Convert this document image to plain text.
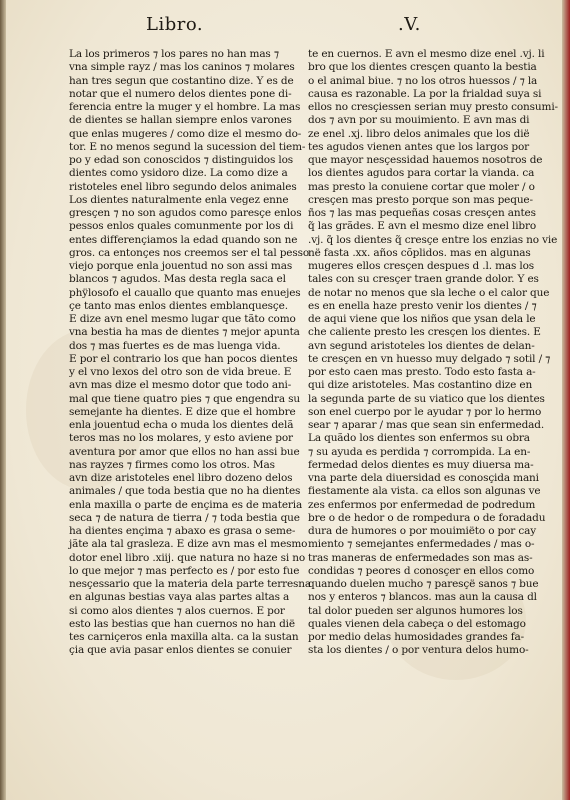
Libro.	.V.
La los primeros ⁊ los pares no han mas ⁊
vna simple rayz / mas los caninos ⁊ molares
han tres segun que costantino dize. Y es de
notar que el numero delos dientes pone di-
ferencia entre la muger y el hombre. La mas
de dientes se hallan siempre enlos varones
que enlas mugeres / como dize el mesmo do-
tor. E no menos segund la sucession del tiem-
po y edad son conoscidos ⁊ distinguidos los
dientes como ysidoro dize. La como dize a
ristoteles enel libro segundo delos animales
Los dientes naturalmente enla vegez enne
gresçen ⁊ no son agudos como paresçe enlos
pessos enlos quales comunmente por los di
entes differençiamos la edad quando son ne
gros. ca entonçes nos creemos ser el tal pesso
viejo porque enla jouentud no son assi mas
blancos ⁊ agudos. Mas desta regla saca el
phÿlosofo el cauallo que quanto mas enuejes
çe tanto mas enlos dientes emblanquesçe.
E dize avn enel mesmo lugar que tãto como
vna bestia ha mas de dientes ⁊ mejor apunta
dos ⁊ mas fuertes es de mas luenga vida.
E por el contrario los que han pocos dientes
y el vno lexos del otro son de vida breue. E
avn mas dize el mesmo dotor que todo ani-
mal que tiene quatro pies ⁊ que engendra su
semejante ha dientes. E dize que el hombre
enla jouentud echa o muda los dientes delã
teros mas no los molares, y esto aviene por
aventura por amor que ellos no han assi bue
nas rayzes ⁊ firmes como los otros. Mas
avn dize aristoteles enel libro dozeno delos
animales / que toda bestia que no ha dientes
enla maxilla o parte de ençima es de materia
seca ⁊ de natura de tierra / ⁊ toda bestia que
ha dientes ençima ⁊ abaxo es grasa o seme-
jãte ala tal grasleza. E dize avn mas el mesmo
dotor enel libro .xiij. que natura no haze si no
lo que mejor ⁊ mas perfecto es / por esto fue
nesçessario que la materia dela parte terresna
en algunas bestias vaya alas partes altas a
si como alos dientes ⁊ alos cuernos. E por
esto las bestias que han cuernos no han dië
tes carniçeros enla maxilla alta. ca la sustan
çia que avia pasar enlos dientes se conuier
te en cuernos. E avn el mesmo dize enel .vj. li
bro que los dientes cresçen quanto la bestia
o el animal biue. ⁊ no los otros huessos / ⁊ la
causa es razonable. La por la frialdad suya si
ellos no cresçiessen serian muy presto consumi-
dos ⁊ avn por su mouimiento. E avn mas di
ze enel .xj. libro delos animales que los dië
tes agudos vienen antes que los largos por
que mayor nesçessidad hauemos nosotros de
los dientes agudos para cortar la vianda. ca
mas presto la conuiene cortar que moler / o
cresçen mas presto porque son mas peque-
ños ⁊ las mas pequeñas cosas cresçen antes
q̃ las grãdes. E avn el mesmo dize enel libro
.vj. q̃ los dientes q̃ cresçe entre los enzias no vie
në fasta .xx. años cõplidos. mas en algunas
mugeres ellos cresçen despues d .l. mas los
tales con su cresçer traen grande dolor. Y es
de notar no menos que sla leche o el calor que
es en enella haze presto venir los dientes / ⁊
de aqui viene que los niños que ysan dela le
che caliente presto les cresçen los dientes. E
avn segund aristoteles los dientes de delan-
te cresçen en vn huesso muy delgado ⁊ sotil / ⁊
por esto caen mas presto. Todo esto fasta a-
qui dize aristoteles. Mas costantino dize en
la segunda parte de su viatico que los dientes
son enel cuerpo por le ayudar ⁊ por lo hermo
sear ⁊ aparar / mas que sean sin enfermedad.
La quãdo los dientes son enfermos su obra
⁊ su ayuda es perdida ⁊ corrompida. La en-
fermedad delos dientes es muy diuersa ma-
vna parte dela diuersidad es conosçida mani
fiestamente ala vista. ca ellos son algunas ve
zes enfermos por enfermedad de podredum
bre o de hedor o de rompedura o de foradadu
dura de humores o por mouimiëto o por cay
miento ⁊ semejantes enfermedades / mas o-
tras maneras de enfermedades son mas as-
condidas ⁊ peores d conosçer en ellos como
quando duelen mucho ⁊ paresçë sanos ⁊ bue
nos y enteros ⁊ blancos. mas aun la causa dl
tal dolor pueden ser algunos humores los
quales vienen dela cabeça o del estomago
por medio delas humosidades grandes fa-
sta los dientes / o por ventura delos humo-
